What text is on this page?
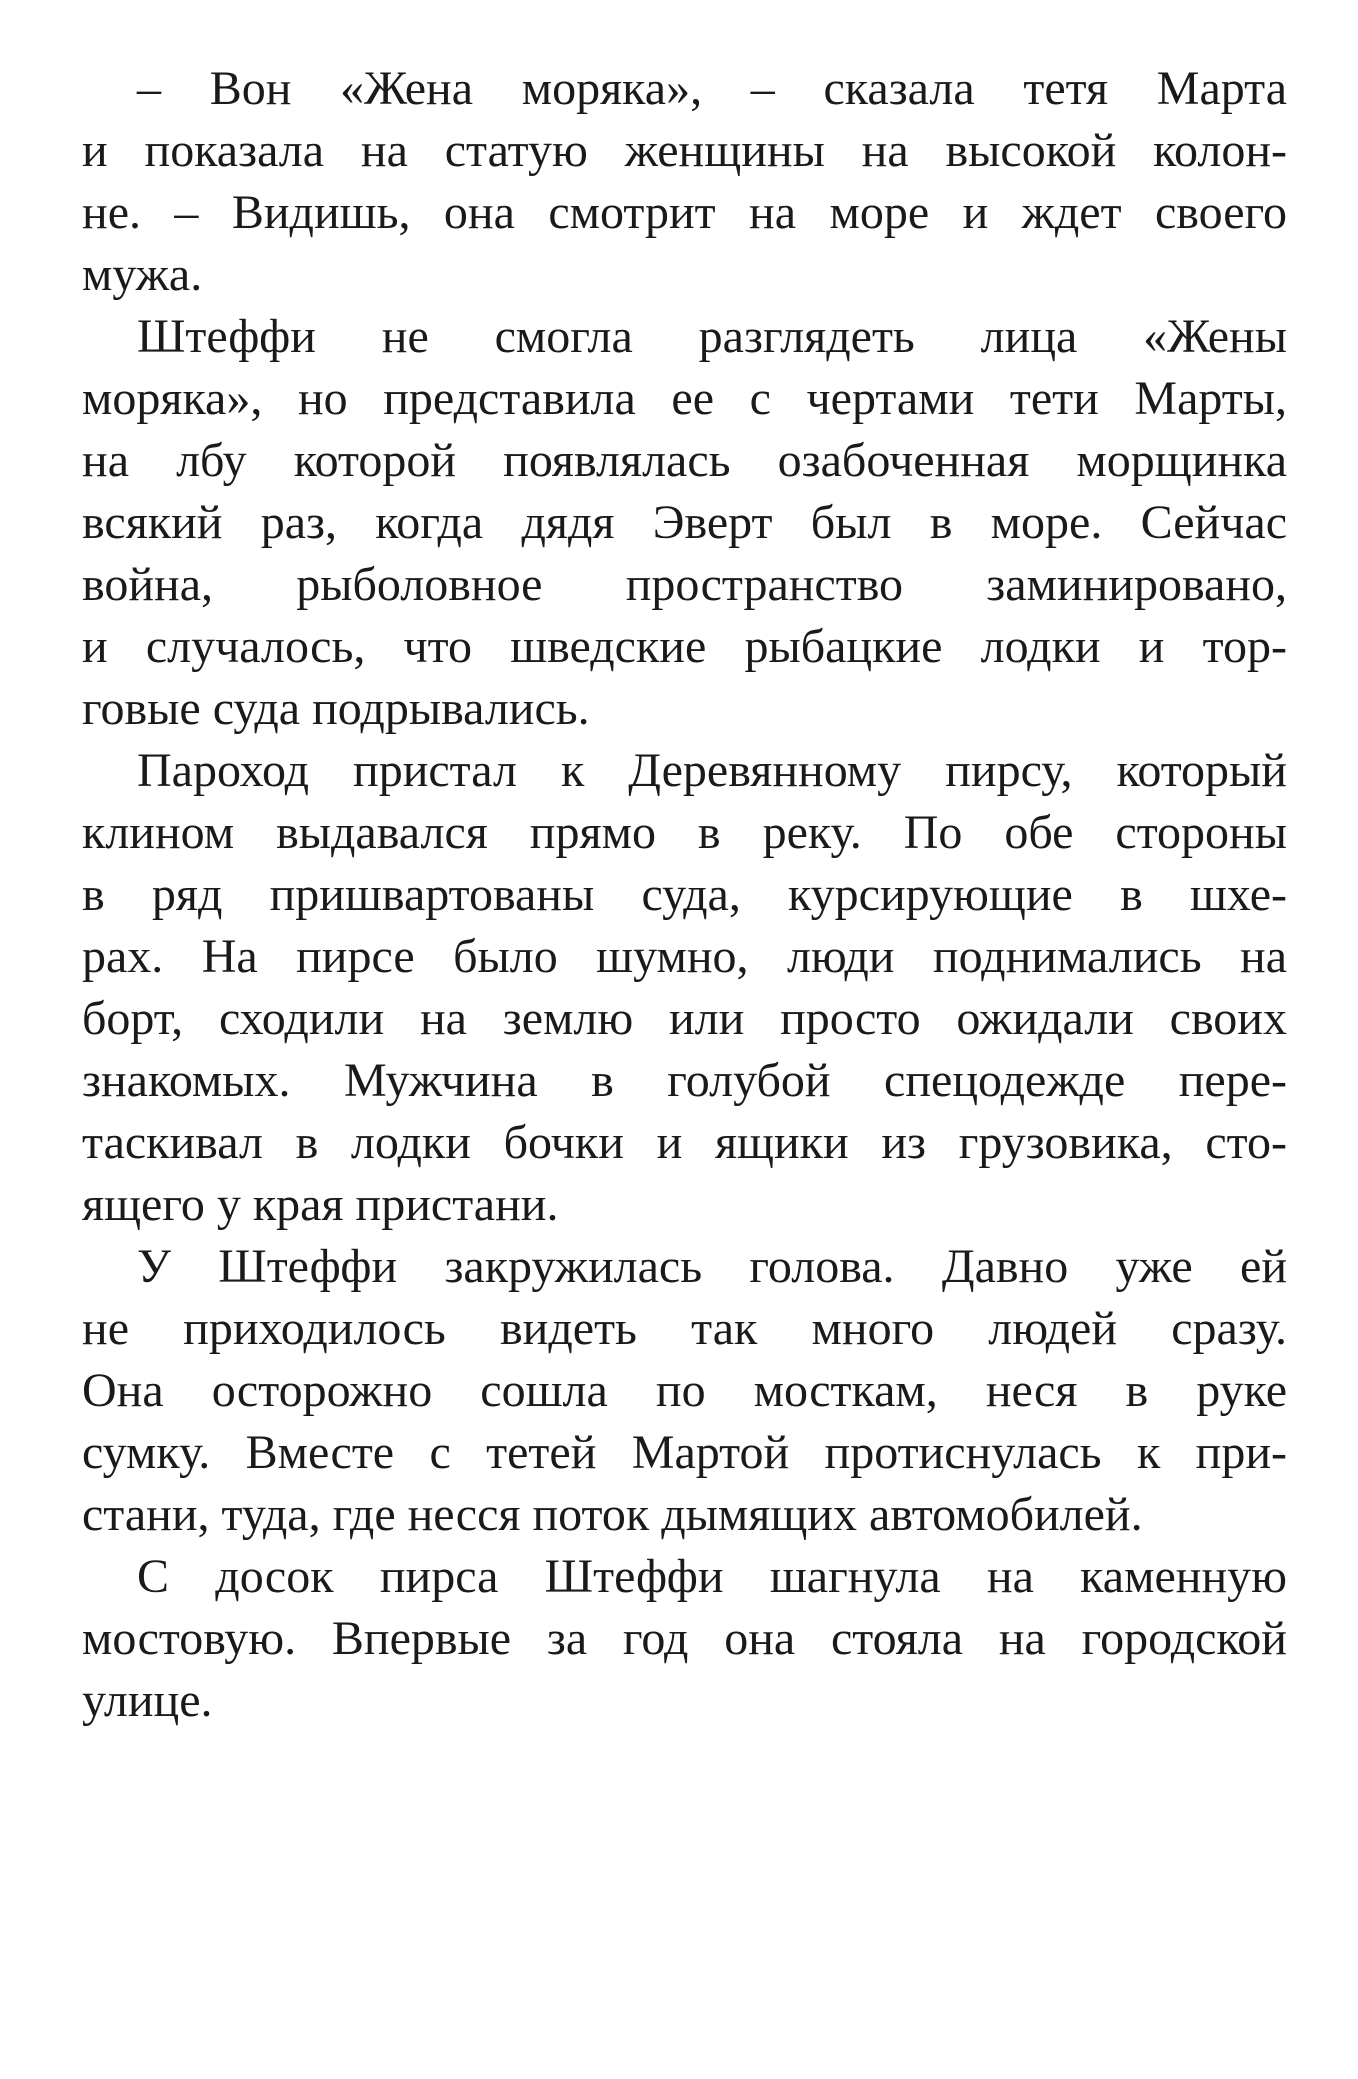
– Вон «Жена моряка», – сказала тетя Марта
и показала на статую женщины на высокой колон-
не. – Видишь, она смотрит на море и ждет своего
мужа.

Штеффи не смогла разглядеть лица «Жены
моряка», но представила ее с чертами тети Марты,
на лбу которой появлялась озабоченная морщинка
всякий раз, когда дядя Эверт был в море. Сейчас
война, рыболовное пространство заминировано,
и случалось, что шведские рыбацкие лодки и тор-
говые суда подрывались.

Пароход пристал к Деревянному пирсу, который
клином выдавался прямо в реку. По обе стороны
в ряд пришвартованы суда, курсирующие в шхе-
рах. На пирсе было шумно, люди поднимались на
борт, сходили на землю или просто ожидали своих
знакомых. Мужчина в голубой спецодежде пере-
таскивал в лодки бочки и ящики из грузовика, сто-
ящего у края пристани.

У Штеффи закружилась голова. Давно уже ей
не приходилось видеть так много людей сразу.
Она осторожно сошла по мосткам, неся в руке
сумку. Вместе с тетей Мартой протиснулась к при-
стани, туда, где несся поток дымящих автомобилей.

С досок пирса Штеффи шагнула на каменную
мостовую. Впервые за год она стояла на городской
улице.
